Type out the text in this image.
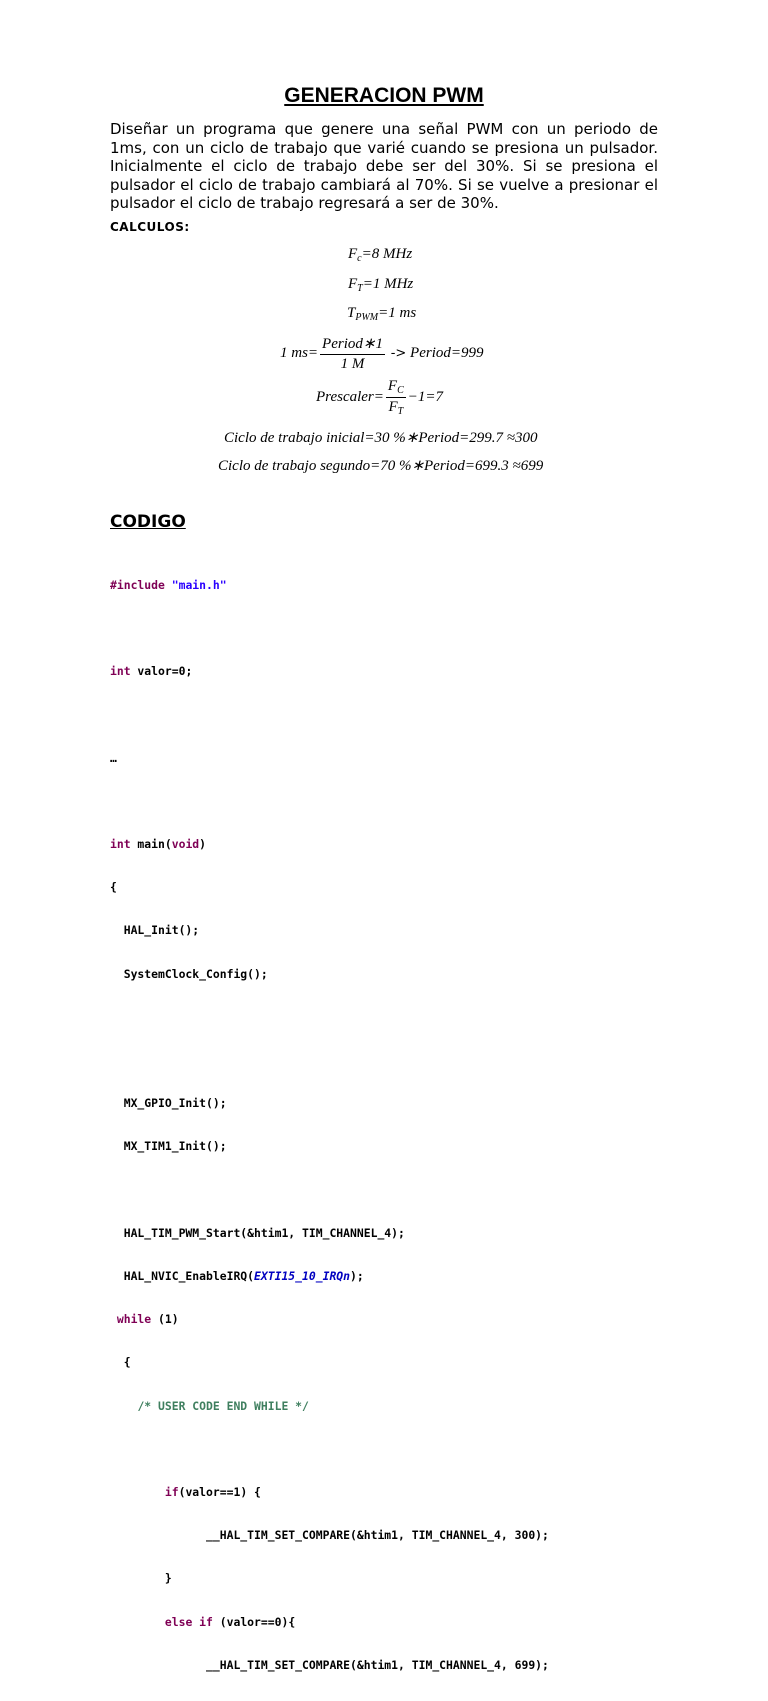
GENERACION PWM
Diseñar un programa que genere una señal PWM con un periodo de 1ms, con un ciclo de trabajo que varié cuando se presiona un pulsador. Inicialmente el ciclo de trabajo debe ser del 30%. Si se presiona el pulsador el ciclo de trabajo cambiará al 70%. Si se vuelve a presionar el pulsador el ciclo de trabajo regresará a ser de 30%.
CALCULOS:
$F_c=8$ MHz
$F_T=1$ MHz
$T_{PWM}=1$ ms
1 $ms= \frac{\text{Period∗1}}{1 M}$ -> Period=999
Prescaler= $\frac{F_C}{F_T} -1=7$
Ciclo de trabajo inicial=30 %∗Period=299.7 ≈300
Ciclo de trabajo segundo=70 %∗Period=699.3 ≈699
CODIGO

#include "main.h"

int valor=0;

…

int main(void)

{

HAL_Init();

SystemClock_Config();

MX_GPIO_Init();

MX_TIM1_Init();

HAL_TIM_PWM_Start(&htim1, TIM_CHANNEL_4);

HAL_NVIC_EnableIRQ(EXTI15_10_IRQn);

while (1)

{

/* USER CODE END WHILE */

if(valor==1) {

__HAL_TIM_SET_COMPARE(&htim1, TIM_CHANNEL_4, 300);

}

else if (valor==0){

__HAL_TIM_SET_COMPARE(&htim1, TIM_CHANNEL_4, 699);
